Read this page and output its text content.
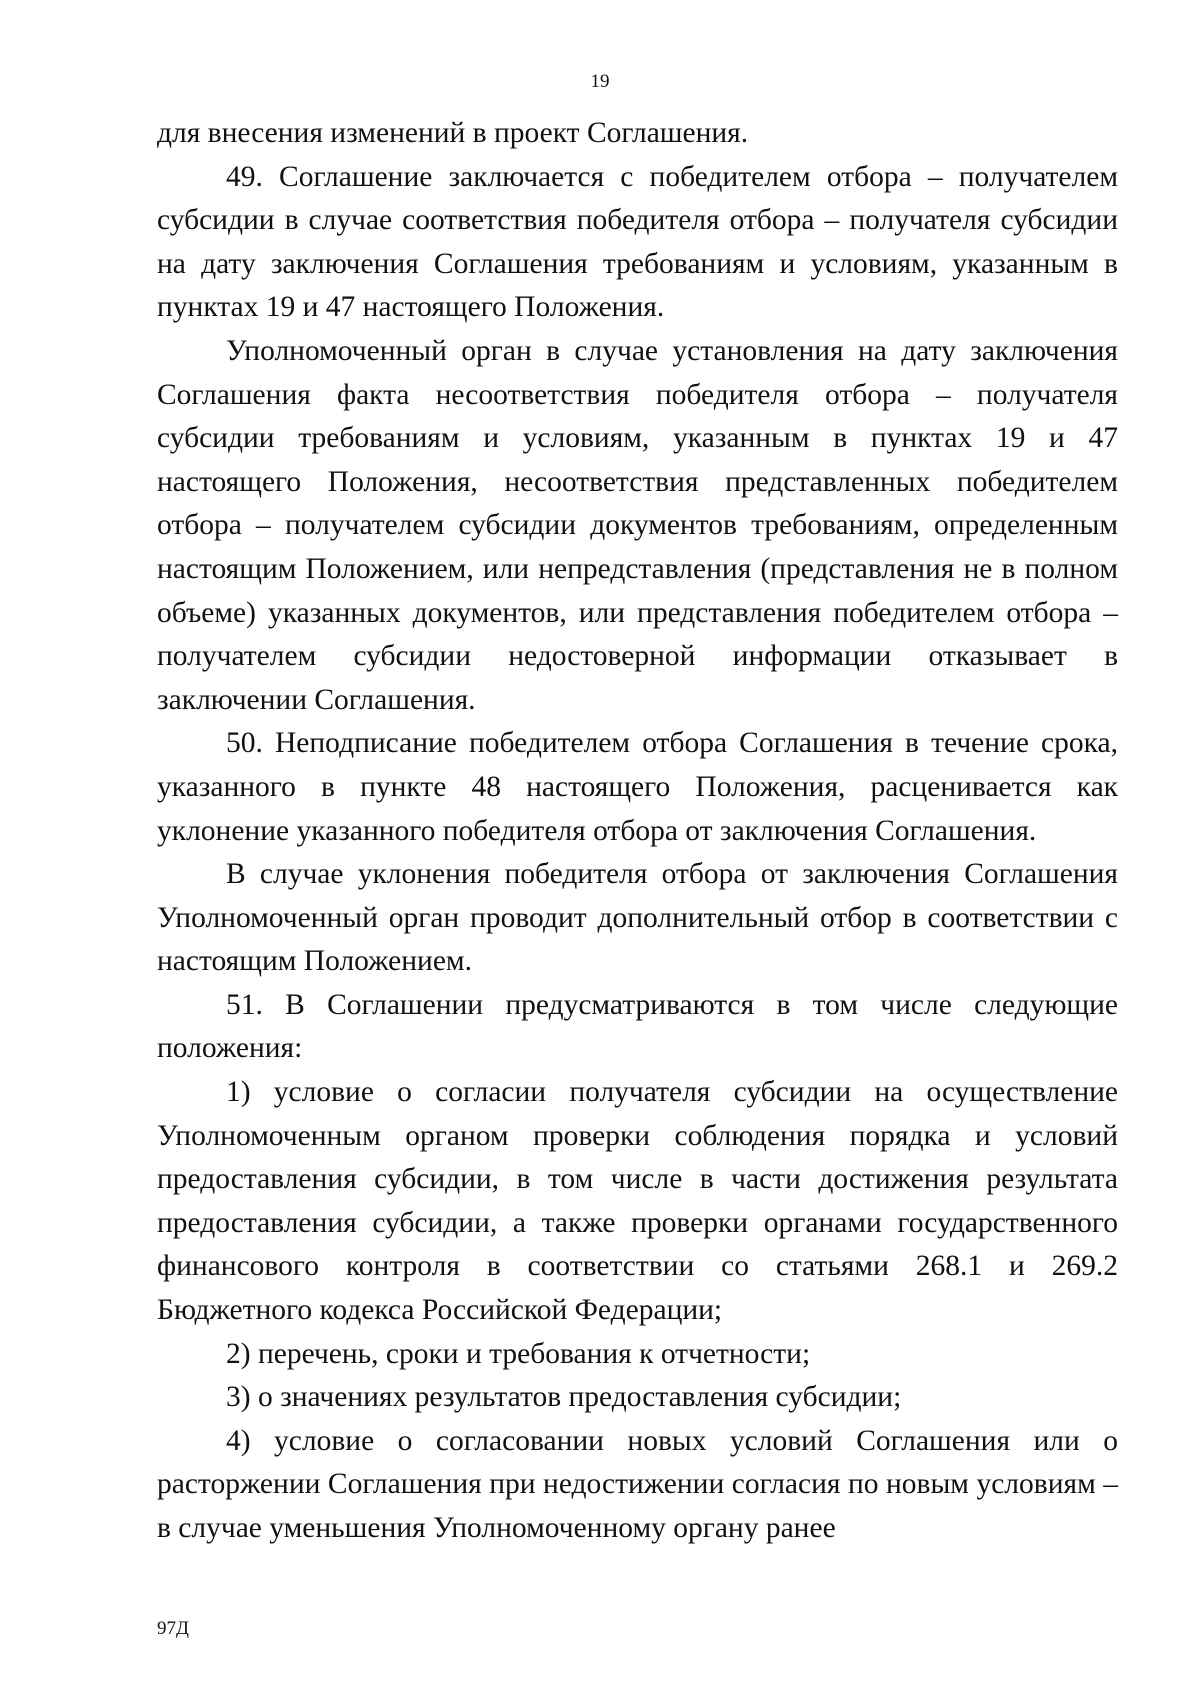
19

для внесения изменений в проект Соглашения.

49. Соглашение заключается с победителем отбора – получателем субсидии в случае соответствия победителя отбора – получателя субсидии на дату заключения Соглашения требованиям и условиям, указанным в пунктах 19 и 47 настоящего Положения.

Уполномоченный орган в случае установления на дату заключения Соглашения факта несоответствия победителя отбора – получателя субсидии требованиям и условиям, указанным в пунктах 19 и 47 настоящего Положения, несоответствия представленных победителем отбора – получателем субсидии документов требованиям, определенным настоящим Положением, или непредставления (представления не в полном объеме) указанных документов, или представления победителем отбора – получателем субсидии недостоверной информации отказывает в заключении Соглашения.

50. Неподписание победителем отбора Соглашения в течение срока, указанного в пункте 48 настоящего Положения, расценивается как уклонение указанного победителя отбора от заключения Соглашения.

В случае уклонения победителя отбора от заключения Соглашения Уполномоченный орган проводит дополнительный отбор в соответствии с настоящим Положением.

51. В Соглашении предусматриваются в том числе следующие положения:

1) условие о согласии получателя субсидии на осуществление Уполномоченным органом проверки соблюдения порядка и условий предоставления субсидии, в том числе в части достижения результата предоставления субсидии, а также проверки органами государственного финансового контроля в соответствии со статьями 268.1 и 269.2 Бюджетного кодекса Российской Федерации;

2) перечень, сроки и требования к отчетности;

3) о значениях результатов предоставления субсидии;

4) условие о согласовании новых условий Соглашения или о расторжении Соглашения при недостижении согласия по новым условиям – в случае уменьшения Уполномоченному органу ранее

97Д
